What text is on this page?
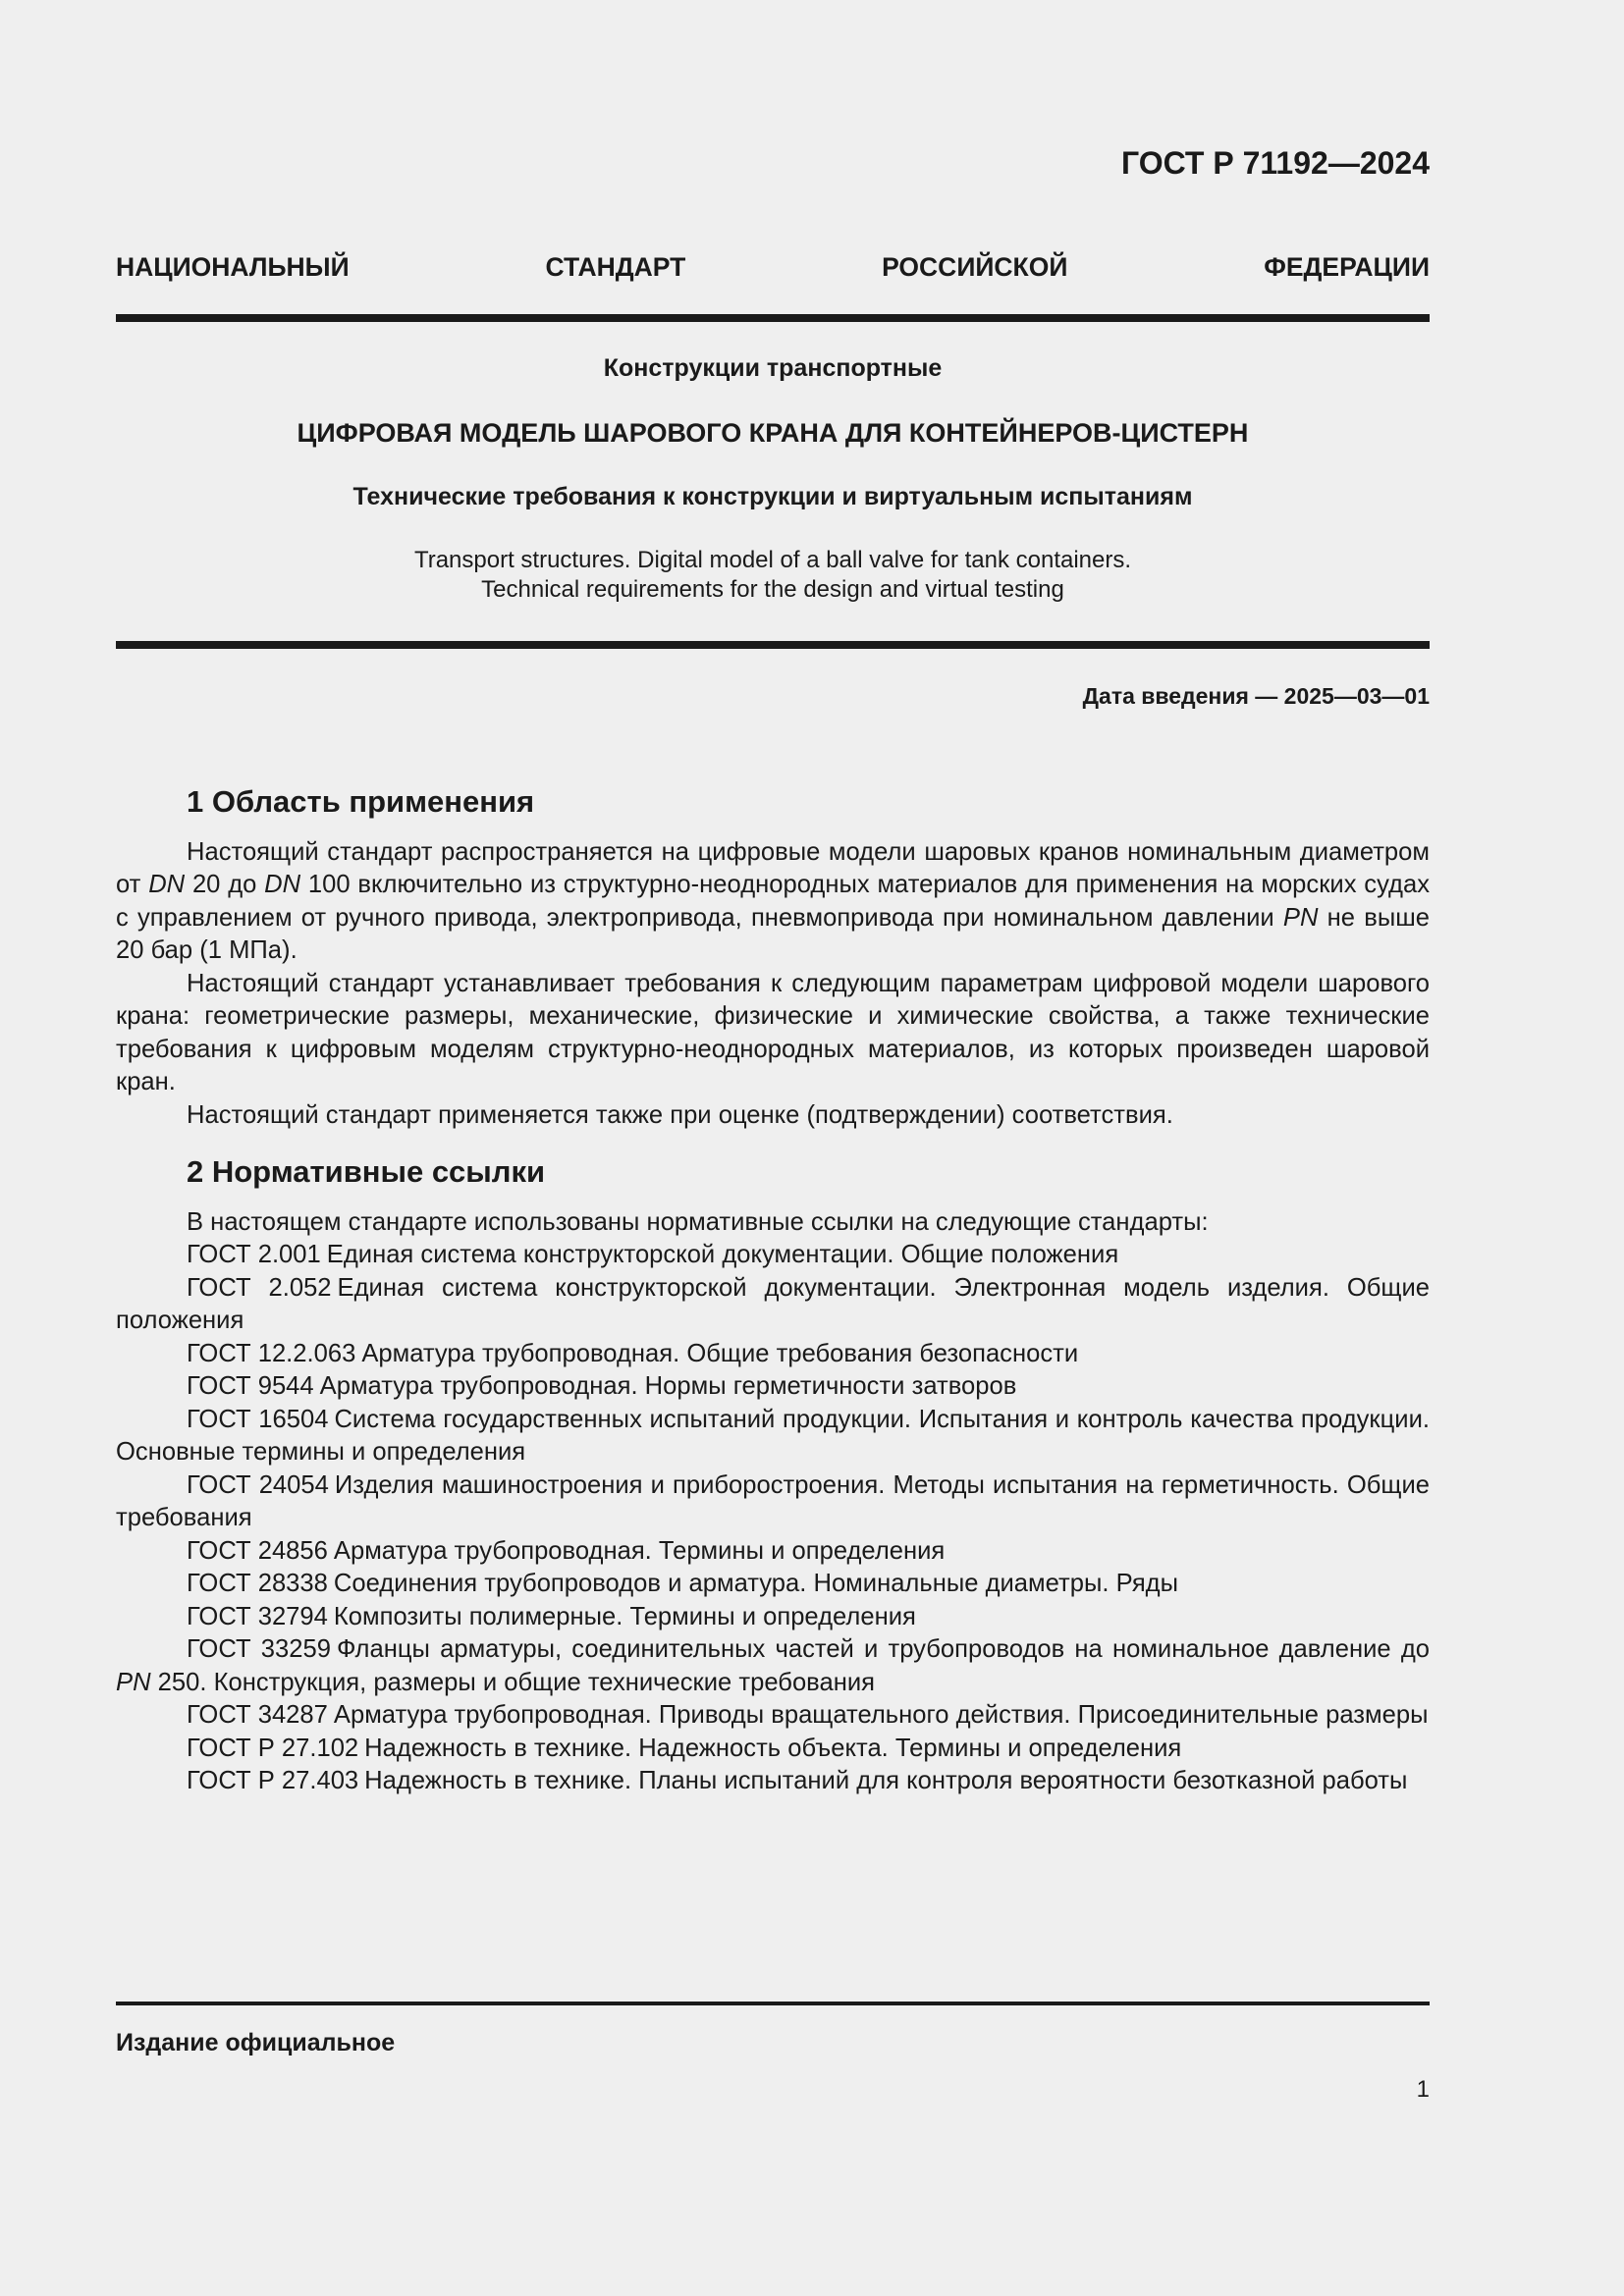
ГОСТ Р 71192—2024
НАЦИОНАЛЬНЫЙ СТАНДАРТ РОССИЙСКОЙ ФЕДЕРАЦИИ
Конструкции транспортные
ЦИФРОВАЯ МОДЕЛЬ ШАРОВОГО КРАНА ДЛЯ КОНТЕЙНЕРОВ-ЦИСТЕРН
Технические требования к конструкции и виртуальным испытаниям
Transport structures. Digital model of a ball valve for tank containers.
Technical requirements for the design and virtual testing
Дата введения — 2025—03—01
1 Область применения

Настоящий стандарт распространяется на цифровые модели шаровых кранов номинальным диаметром от DN 20 до DN 100 включительно из структурно-неоднородных материалов для применения на морских судах с управлением от ручного привода, электропривода, пневмопривода при номинальном давлении PN не выше 20 бар (1 МПа).

Настоящий стандарт устанавливает требования к следующим параметрам цифровой модели шарового крана: геометрические размеры, механические, физические и химические свойства, а также технические требования к цифровым моделям структурно-неоднородных материалов, из которых произведен шаровой кран.

Настоящий стандарт применяется также при оценке (подтверждении) соответствия.

2 Нормативные ссылки

В настоящем стандарте использованы нормативные ссылки на следующие стандарты:

ГОСТ 2.001 Единая система конструкторской документации. Общие положения

ГОСТ 2.052 Единая система конструкторской документации. Электронная модель изделия. Общие положения

ГОСТ 12.2.063 Арматура трубопроводная. Общие требования безопасности

ГОСТ 9544 Арматура трубопроводная. Нормы герметичности затворов

ГОСТ 16504 Система государственных испытаний продукции. Испытания и контроль качества продукции. Основные термины и определения

ГОСТ 24054 Изделия машиностроения и приборостроения. Методы испытания на герметичность. Общие требования

ГОСТ 24856 Арматура трубопроводная. Термины и определения

ГОСТ 28338 Соединения трубопроводов и арматура. Номинальные диаметры. Ряды

ГОСТ 32794 Композиты полимерные. Термины и определения

ГОСТ 33259 Фланцы арматуры, соединительных частей и трубопроводов на номинальное давление до PN 250. Конструкция, размеры и общие технические требования

ГОСТ 34287 Арматура трубопроводная. Приводы вращательного действия. Присоединительные размеры

ГОСТ Р 27.102 Надежность в технике. Надежность объекта. Термины и определения

ГОСТ Р 27.403 Надежность в технике. Планы испытаний для контроля вероятности безотказной работы

Издание официальное
1
